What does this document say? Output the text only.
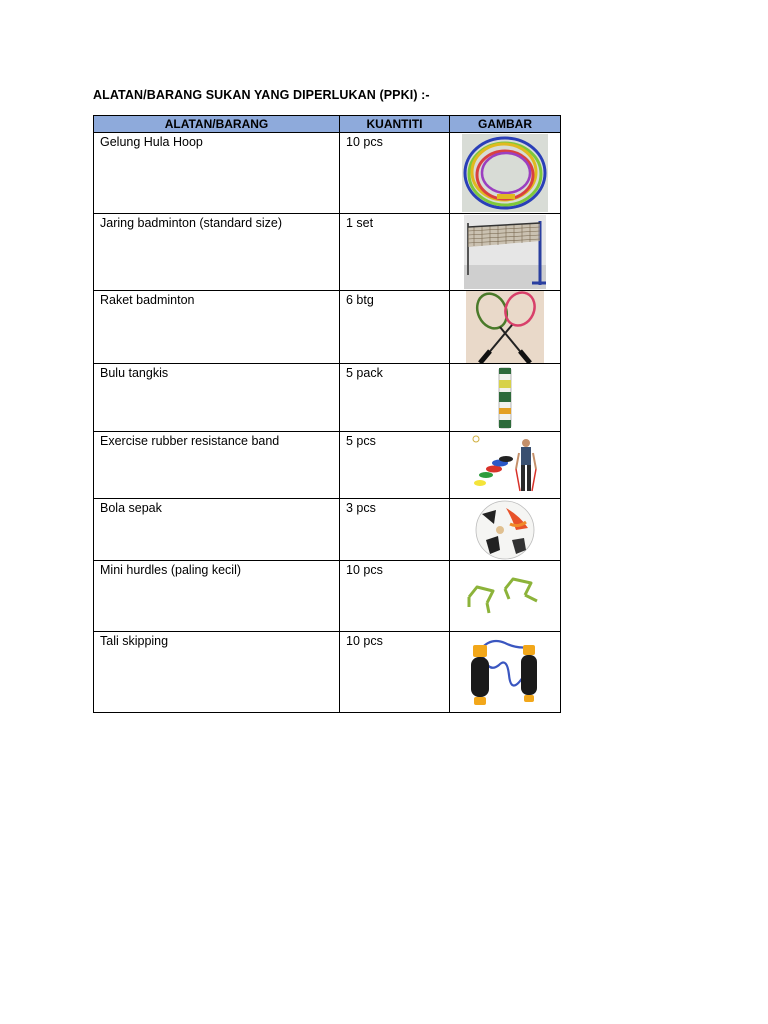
ALATAN/BARANG SUKAN YANG DIPERLUKAN (PPKI) :-
ALATAN/BARANG	KUANTITI	GAMBAR
Gelung Hula Hoop	10 pcs	

Jaring badminton (standard size)	1 set	

Raket badminton	6 btg	

Bulu tangkis	5 pack	

Exercise rubber resistance band	5 pcs	

Bola sepak	3 pcs	

Mini hurdles (paling kecil)	10 pcs	

Tali skipping	10 pcs	
